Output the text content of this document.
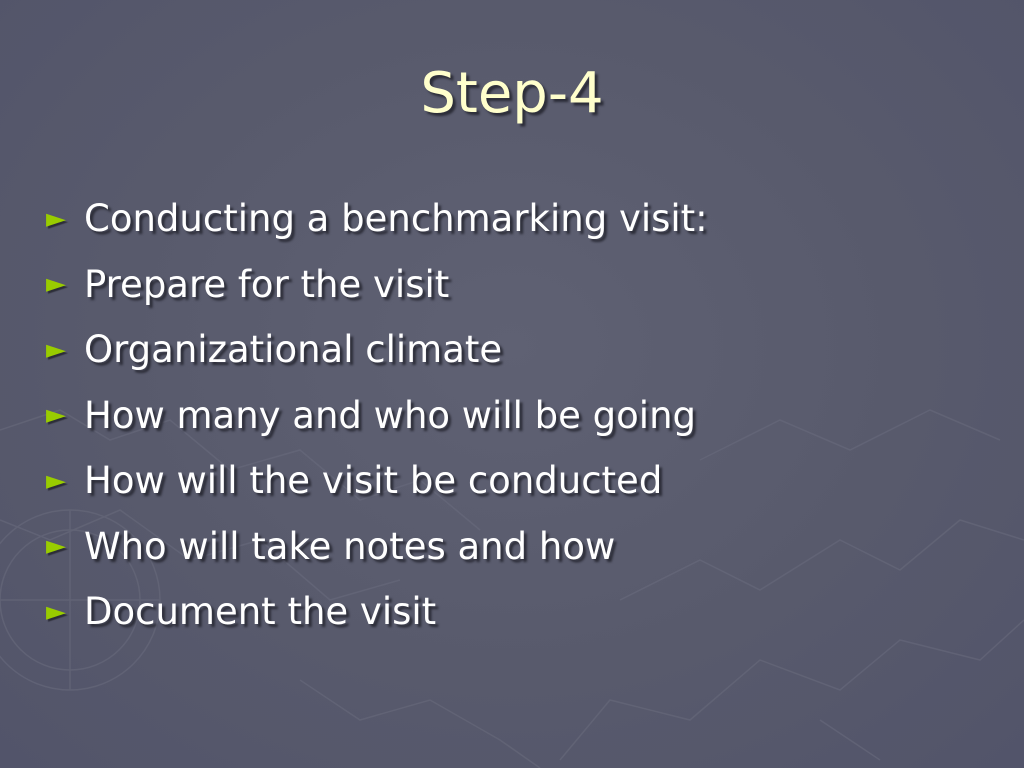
Step-4
► Conducting a benchmarking visit:
► Prepare for the visit
► Organizational climate
► How many and who will be going
► How will the visit be conducted
► Who will take notes and how
► Document the visit
